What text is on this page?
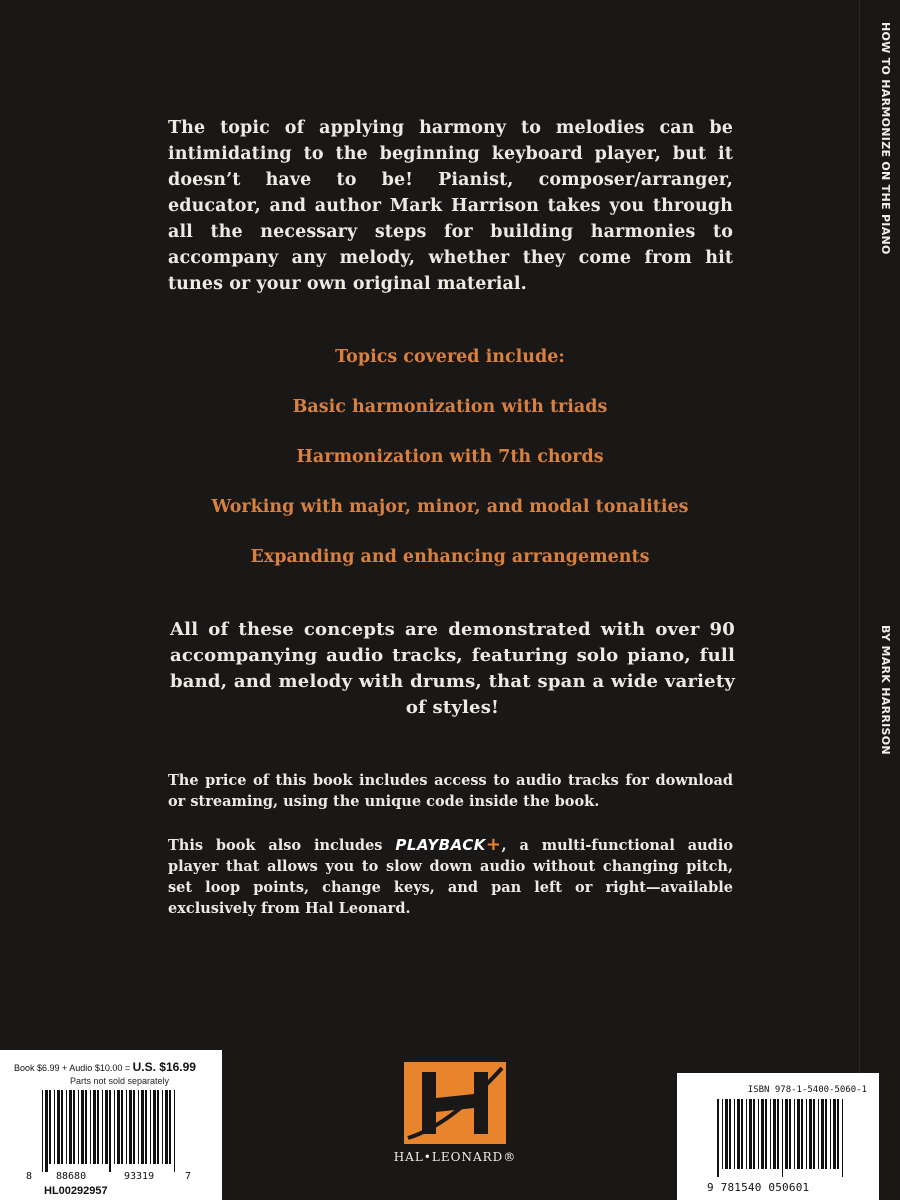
HOW TO HARMONIZE ON THE PIANO
BY MARK HARRISON
The topic of applying harmony to melodies can be intimidating to the beginning keyboard player, but it doesn’t have to be! Pianist, composer/arranger, educator, and author Mark Harrison takes you through all the necessary steps for building harmonies to accompany any melody, whether they come from hit tunes or your own original material.
Topics covered include:
Basic harmonization with triads
Harmonization with 7th chords
Working with major, minor, and modal tonalities
Expanding and enhancing arrangements
All of these concepts are demonstrated with over 90 accompanying audio tracks, featuring solo piano, full band, and melody with drums, that span a wide variety of styles!
The price of this book includes access to audio tracks for download or streaming, using the unique code inside the book.
This book also includes PLAYBACK+, a multi-functional audio player that allows you to slow down audio without changing pitch, set loop points, change keys, and pan left or right—available exclusively from Hal Leonard.
Book $6.99 + Audio $10.00 = U.S. $16.99
Parts not sold separately
8 88680	93319	7
HL00292957
HAL•LEONARD®
ISBN 978-1-5400-5060-1
9 781540 050601
